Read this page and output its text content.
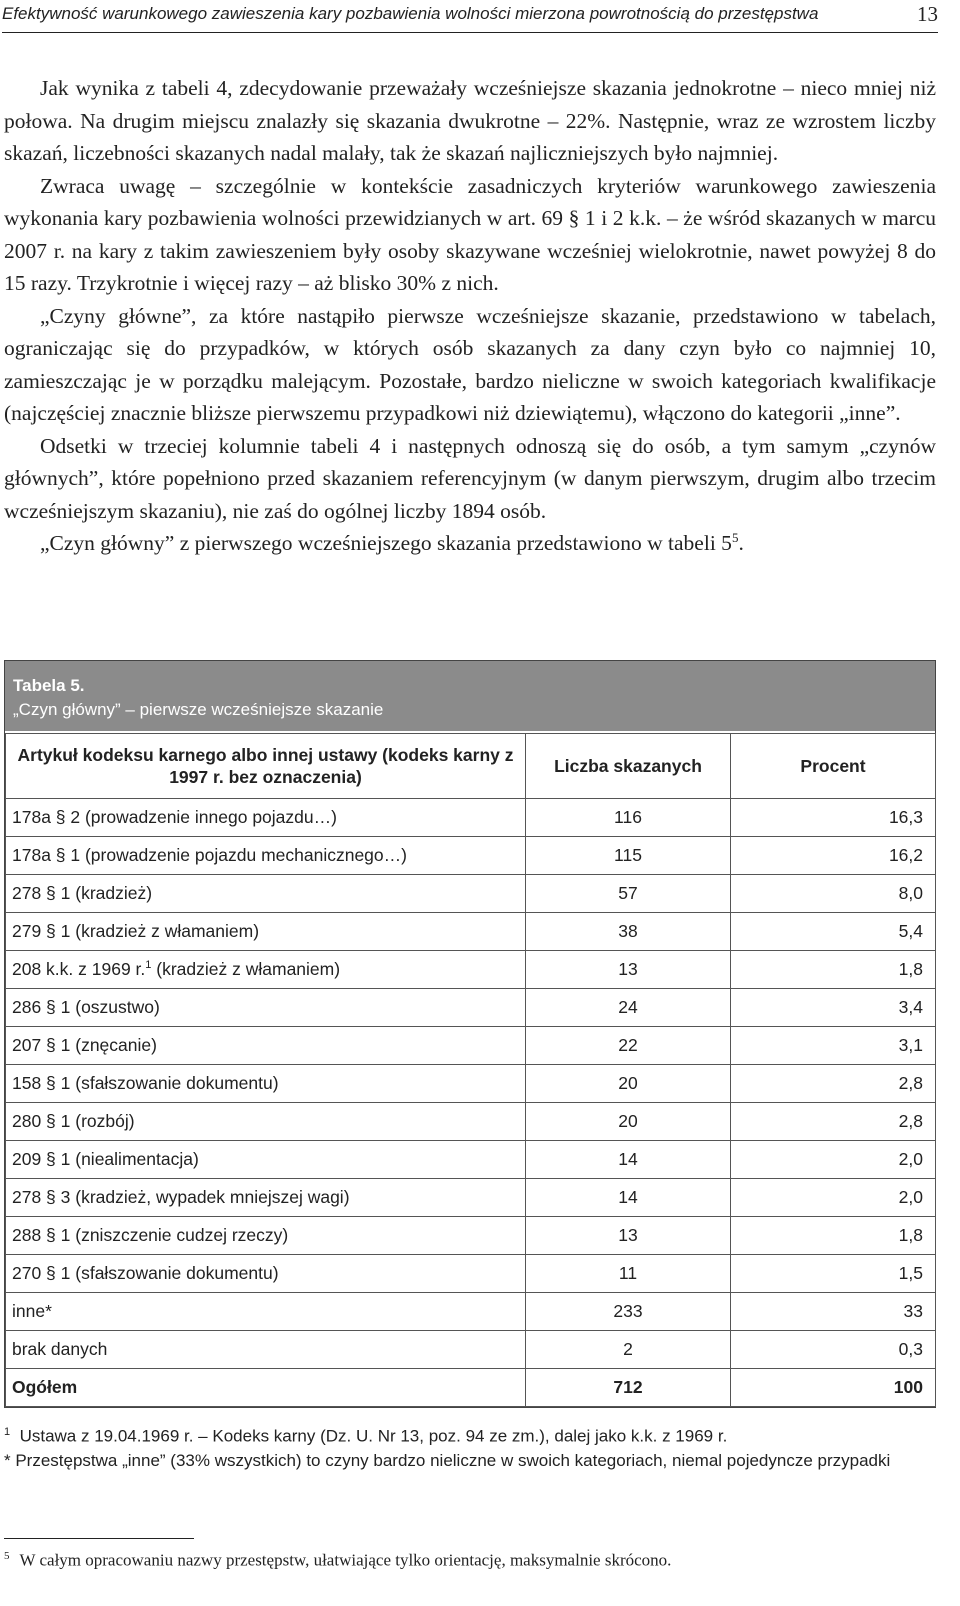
Efektywność warunkowego zawieszenia kary pozbawienia wolności mierzona powrotnością do przestępstwa	13

Jak wynika z tabeli 4, zdecydowanie przeważały wcześniejsze skazania jednokrotne – nieco mniej niż połowa. Na drugim miejscu znalazły się skazania dwukrotne – 22%. Następnie, wraz ze wzrostem liczby skazań, liczebności skazanych nadal malały, tak że skazań najliczniejszych było najmniej.

Zwraca uwagę – szczególnie w kontekście zasadniczych kryteriów warunkowego zawieszenia wykonania kary pozbawienia wolności przewidzianych w art. 69 § 1 i 2 k.k. – że wśród skazanych w marcu 2007 r. na kary z takim zawieszeniem były osoby skazywane wcześniej wielokrotnie, nawet powyżej 8 do 15 razy. Trzykrotnie i więcej razy – aż blisko 30% z nich.

„Czyny główne”, za które nastąpiło pierwsze wcześniejsze skazanie, przedstawiono w tabelach, ograniczając się do przypadków, w których osób skazanych za dany czyn było co najmniej 10, zamieszczając je w porządku malejącym. Pozostałe, bardzo nieliczne w swoich kategoriach kwalifikacje (najczęściej znacznie bliższe pierwszemu przypadkowi niż dziewiątemu), włączono do kategorii „inne”.

Odsetki w trzeciej kolumnie tabeli 4 i następnych odnoszą się do osób, a tym samym „czynów głównych”, które popełniono przed skazaniem referencyjnym (w danym pierwszym, drugim albo trzecim wcześniejszym skazaniu), nie zaś do ogólnej liczby 1894 osób.

„Czyn główny” z pierwszego wcześniejszego skazania przedstawiono w tabeli $5^5$.

Tabela 5.
„Czyn główny” – pierwsze wcześniejsze skazanie
Artykuł kodeksu karnego albo innej ustawy (kodeks karny z 1997 r. bez oznaczenia)	Liczba skazanych	Procent
178a § 2 (prowadzenie innego pojazdu…)	116	16,3
178a § 1 (prowadzenie pojazdu mechanicznego…)	115	16,2
278 § 1 (kradzież)	57	8,0
279 § 1 (kradzież z włamaniem)	38	5,4
208 k.k. z 1969 r.$^1$ (kradzież z włamaniem)	13	1,8
286 § 1 (oszustwo)	24	3,4
207 § 1 (znęcanie)	22	3,1
158 § 1 (sfałszowanie dokumentu)	20	2,8
280 § 1 (rozbój)	20	2,8
209 § 1 (niealimentacja)	14	2,0
278 § 3 (kradzież, wypadek mniejszej wagi)	14	2,0
288 § 1 (zniszczenie cudzej rzeczy)	13	1,8
270 § 1 (sfałszowanie dokumentu)	11	1,5
inne*	233	33
brak danych	2	0,3
Ogółem	712	100

$^1$ Ustawa z 19.04.1969 r. – Kodeks karny (Dz. U. Nr 13, poz. 94 ze zm.), dalej jako k.k. z 1969 r.

* Przestępstwa „inne” (33% wszystkich) to czyny bardzo nieliczne w swoich kategoriach, niemal pojedyncze przypadki

$^5$ W całym opracowaniu nazwy przestępstw, ułatwiające tylko orientację, maksymalnie skrócono.
